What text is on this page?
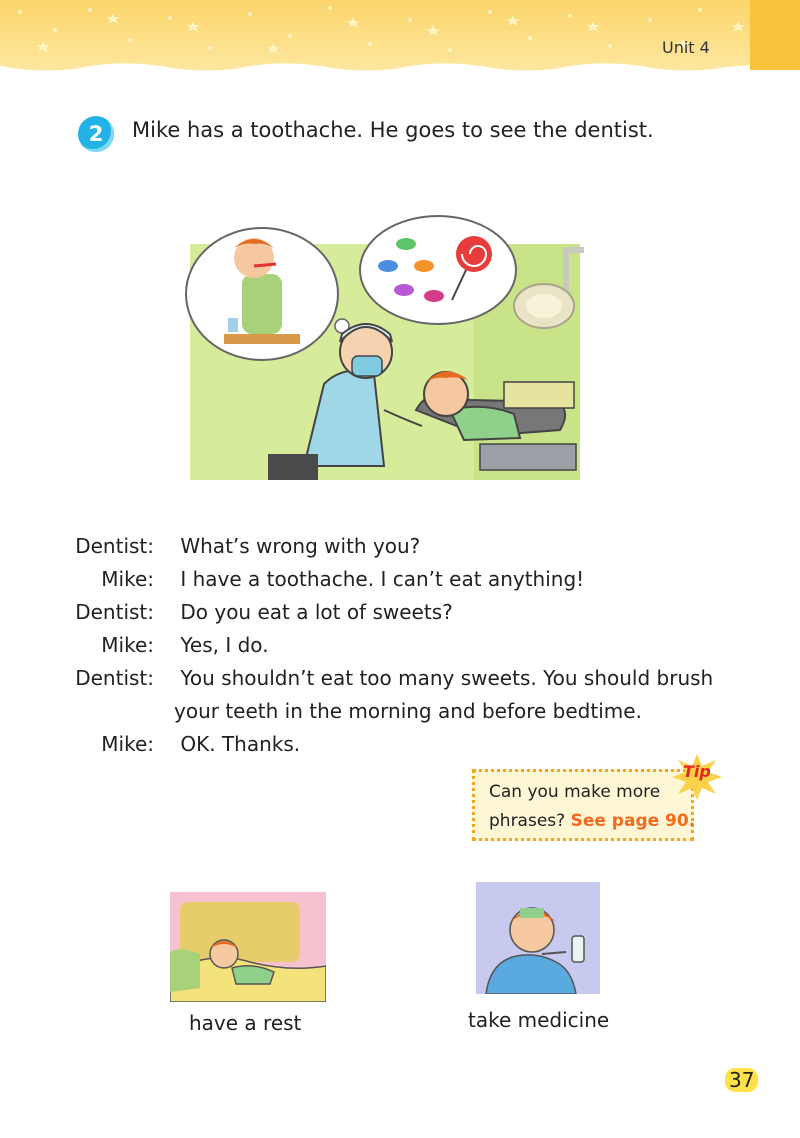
Unit 4
2	Mike has a toothache. He goes to see the dentist.
Dentist: What’s wrong with you?
Mike: I have a toothache. I can’t eat anything!
Dentist: Do you eat a lot of sweets?
Mike: Yes, I do.
Dentist: You shouldn’t eat too many sweets. You should brush
your teeth in the morning and before bedtime.
Mike: OK. Thanks.
Can you make more
phrases? See page 90.
Tip
have a rest	take medicine
37
